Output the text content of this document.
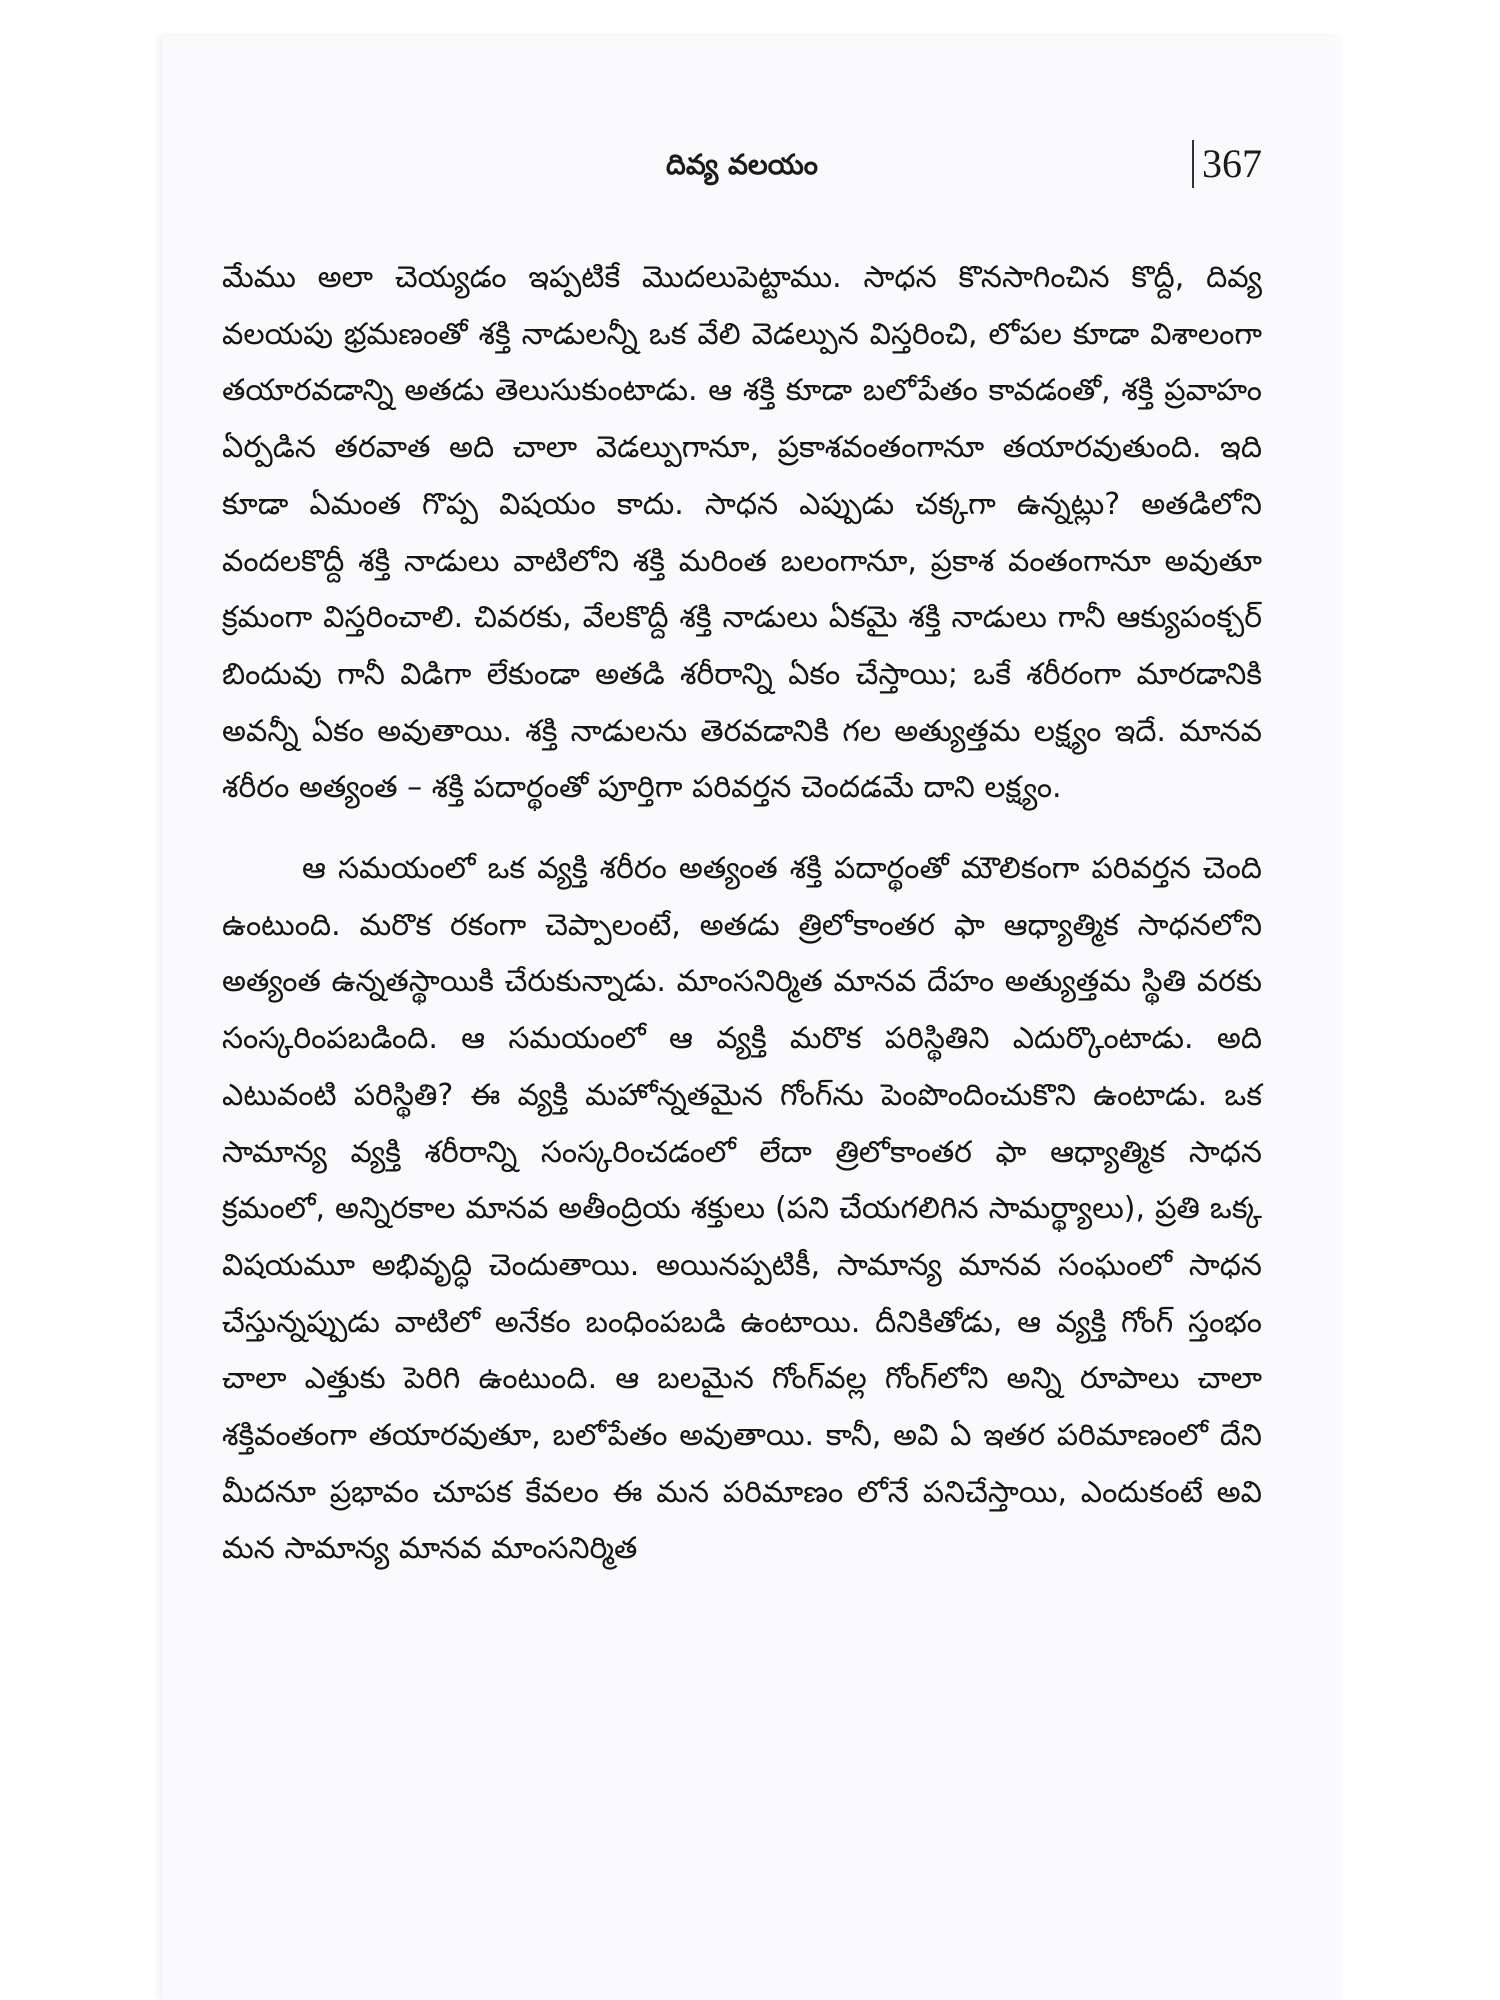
దివ్య వలయం	367

మేము అలా చెయ్యడం ఇప్పటికే మొదలుపెట్టాము. సాధన కొనసాగించిన కొద్దీ, దివ్య వలయపు భ్రమణంతో శక్తి నాడులన్నీ ఒక వేలి వెడల్పున విస్తరించి, లోపల కూడా విశాలంగా తయారవడాన్ని అతడు తెలుసుకుంటాడు. ఆ శక్తి కూడా బలోపేతం కావడంతో, శక్తి ప్రవాహం ఏర్పడిన తరవాత అది చాలా వెడల్పుగానూ, ప్రకాశవంతంగానూ తయారవుతుంది. ఇది కూడా ఏమంత గొప్ప విషయం కాదు. సాధన ఎప్పుడు చక్కగా ఉన్నట్లు? అతడిలోని వందలకొద్దీ శక్తి నాడులు వాటిలోని శక్తి మరింత బలంగానూ, ప్రకాశ వంతంగానూ అవుతూ క్రమంగా విస్తరించాలి. చివరకు, వేలకొద్దీ శక్తి నాడులు ఏకమై శక్తి నాడులు గానీ ఆక్యుపంక్చర్ బిందువు గానీ విడిగా లేకుండా అతడి శరీరాన్ని ఏకం చేస్తాయి; ఒకే శరీరంగా మారడానికి అవన్నీ ఏకం అవుతాయి. శక్తి నాడులను తెరవడానికి గల అత్యుత్తమ లక్ష్యం ఇదే. మానవ శరీరం అత్యంత – శక్తి పదార్థంతో పూర్తిగా పరివర్తన చెందడమే దాని లక్ష్యం.

ఆ సమయంలో ఒక వ్యక్తి శరీరం అత్యంత శక్తి పదార్థంతో మౌలికంగా పరివర్తన చెంది ఉంటుంది. మరొక రకంగా చెప్పాలంటే, అతడు త్రిలోకాంతర ఫా ఆధ్యాత్మిక సాధనలోని అత్యంత ఉన్నతస్థాయికి చేరుకున్నాడు. మాంసనిర్మిత మానవ దేహం అత్యుత్తమ స్థితి వరకు సంస్కరింపబడింది. ఆ సమయంలో ఆ వ్యక్తి మరొక పరిస్థితిని ఎదుర్కొంటాడు. అది ఎటువంటి పరిస్థితి? ఈ వ్యక్తి మహోన్నతమైన గోంగ్‌ను పెంపొందించుకొని ఉంటాడు. ఒక సామాన్య వ్యక్తి శరీరాన్ని సంస్కరించడంలో లేదా త్రిలోకాంతర ఫా ఆధ్యాత్మిక సాధన క్రమంలో, అన్నిరకాల మానవ అతీంద్రియ శక్తులు (పని చేయగలిగిన సామర్థ్యాలు), ప్రతి ఒక్క విషయమూ అభివృద్ధి చెందుతాయి. అయినప్పటికీ, సామాన్య మానవ సంఘంలో సాధన చేస్తున్నప్పుడు వాటిలో అనేకం బంధింపబడి ఉంటాయి. దీనికితోడు, ఆ వ్యక్తి గోంగ్ స్తంభం చాలా ఎత్తుకు పెరిగి ఉంటుంది. ఆ బలమైన గోంగ్‌వల్ల గోంగ్‌లోని అన్ని రూపాలు చాలా శక్తివంతంగా తయారవుతూ, బలోపేతం అవుతాయి. కానీ, అవి ఏ ఇతర పరిమాణంలో దేని మీదనూ ప్రభావం చూపక కేవలం ఈ మన పరిమాణం లోనే పనిచేస్తాయి, ఎందుకంటే అవి మన సామాన్య మానవ మాంసనిర్మిత
